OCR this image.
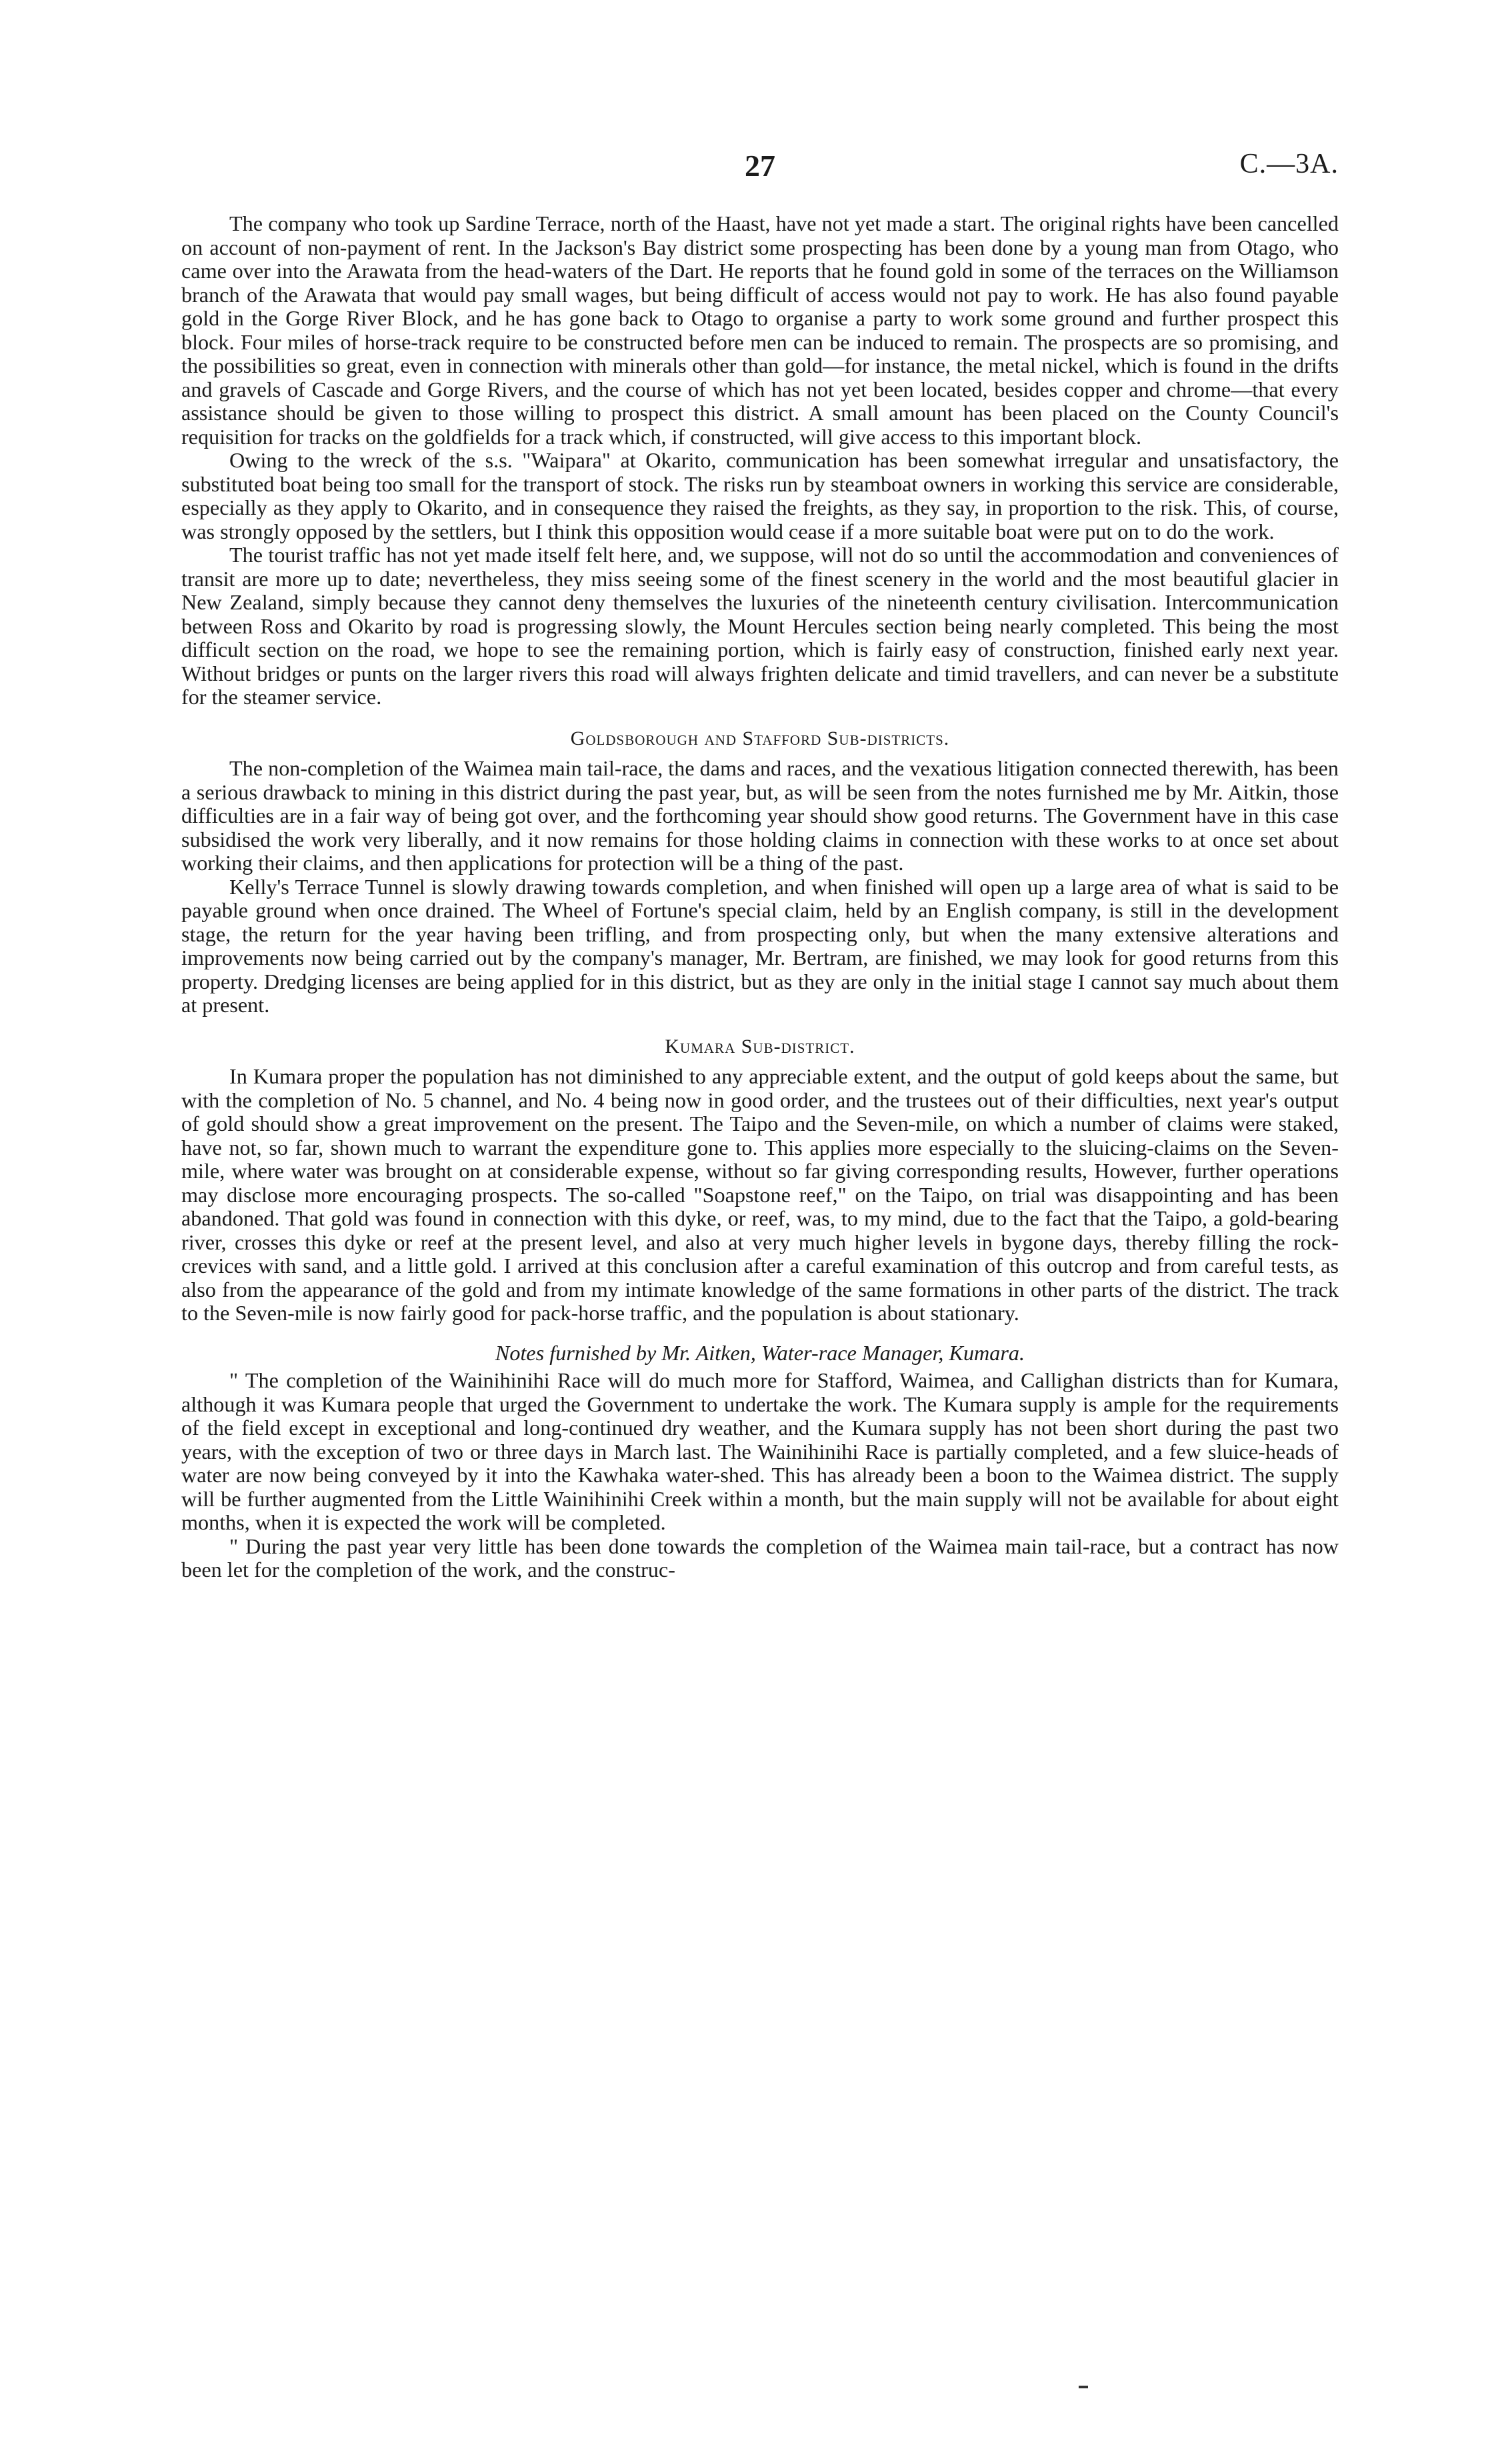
27	C.—3A.

The company who took up Sardine Terrace, north of the Haast, have not yet made a start. The original rights have been cancelled on account of non-payment of rent. In the Jackson's Bay district some prospecting has been done by a young man from Otago, who came over into the Arawata from the head-waters of the Dart. He reports that he found gold in some of the terraces on the Williamson branch of the Arawata that would pay small wages, but being difficult of access would not pay to work. He has also found payable gold in the Gorge River Block, and he has gone back to Otago to organise a party to work some ground and further prospect this block. Four miles of horse-track require to be constructed before men can be induced to remain. The prospects are so promising, and the possibilities so great, even in connection with minerals other than gold—for instance, the metal nickel, which is found in the drifts and gravels of Cascade and Gorge Rivers, and the course of which has not yet been located, besides copper and chrome—that every assistance should be given to those willing to prospect this district. A small amount has been placed on the County Council's requisition for tracks on the goldfields for a track which, if constructed, will give access to this important block.

Owing to the wreck of the s.s. "Waipara" at Okarito, communication has been somewhat irregular and unsatisfactory, the substituted boat being too small for the transport of stock. The risks run by steamboat owners in working this service are considerable, especially as they apply to Okarito, and in consequence they raised the freights, as they say, in proportion to the risk. This, of course, was strongly opposed by the settlers, but I think this opposition would cease if a more suitable boat were put on to do the work.

The tourist traffic has not yet made itself felt here, and, we suppose, will not do so until the accommodation and conveniences of transit are more up to date; nevertheless, they miss seeing some of the finest scenery in the world and the most beautiful glacier in New Zealand, simply because they cannot deny themselves the luxuries of the nineteenth century civilisation. Intercommunication between Ross and Okarito by road is progressing slowly, the Mount Hercules section being nearly completed. This being the most difficult section on the road, we hope to see the remaining portion, which is fairly easy of construction, finished early next year. Without bridges or punts on the larger rivers this road will always frighten delicate and timid travellers, and can never be a substitute for the steamer service.

Goldsborough and Stafford Sub-districts.

The non-completion of the Waimea main tail-race, the dams and races, and the vexatious litigation connected therewith, has been a serious drawback to mining in this district during the past year, but, as will be seen from the notes furnished me by Mr. Aitkin, those difficulties are in a fair way of being got over, and the forthcoming year should show good returns. The Government have in this case subsidised the work very liberally, and it now remains for those holding claims in connection with these works to at once set about working their claims, and then applications for protection will be a thing of the past.

Kelly's Terrace Tunnel is slowly drawing towards completion, and when finished will open up a large area of what is said to be payable ground when once drained. The Wheel of Fortune's special claim, held by an English company, is still in the development stage, the return for the year having been trifling, and from prospecting only, but when the many extensive alterations and improvements now being carried out by the company's manager, Mr. Bertram, are finished, we may look for good returns from this property. Dredging licenses are being applied for in this district, but as they are only in the initial stage I cannot say much about them at present.

Kumara Sub-district.

In Kumara proper the population has not diminished to any appreciable extent, and the output of gold keeps about the same, but with the completion of No. 5 channel, and No. 4 being now in good order, and the trustees out of their difficulties, next year's output of gold should show a great improvement on the present. The Taipo and the Seven-mile, on which a number of claims were staked, have not, so far, shown much to warrant the expenditure gone to. This applies more especially to the sluicing-claims on the Seven-mile, where water was brought on at considerable expense, without so far giving corresponding results, However, further operations may disclose more encouraging prospects. The so-called "Soapstone reef," on the Taipo, on trial was disappointing and has been abandoned. That gold was found in connection with this dyke, or reef, was, to my mind, due to the fact that the Taipo, a gold-bearing river, crosses this dyke or reef at the present level, and also at very much higher levels in bygone days, thereby filling the rock-crevices with sand, and a little gold. I arrived at this conclusion after a careful examination of this outcrop and from careful tests, as also from the appearance of the gold and from my intimate knowledge of the same formations in other parts of the district. The track to the Seven-mile is now fairly good for pack-horse traffic, and the population is about stationary.

Notes furnished by Mr. Aitken, Water-race Manager, Kumara.

" The completion of the Wainihinihi Race will do much more for Stafford, Waimea, and Callighan districts than for Kumara, although it was Kumara people that urged the Government to undertake the work. The Kumara supply is ample for the requirements of the field except in exceptional and long-continued dry weather, and the Kumara supply has not been short during the past two years, with the exception of two or three days in March last. The Wainihinihi Race is partially completed, and a few sluice-heads of water are now being conveyed by it into the Kawhaka water-shed. This has already been a boon to the Waimea district. The supply will be further augmented from the Little Wainihinihi Creek within a month, but the main supply will not be available for about eight months, when it is expected the work will be completed.

" During the past year very little has been done towards the completion of the Waimea main tail-race, but a contract has now been let for the completion of the work, and the construc-
